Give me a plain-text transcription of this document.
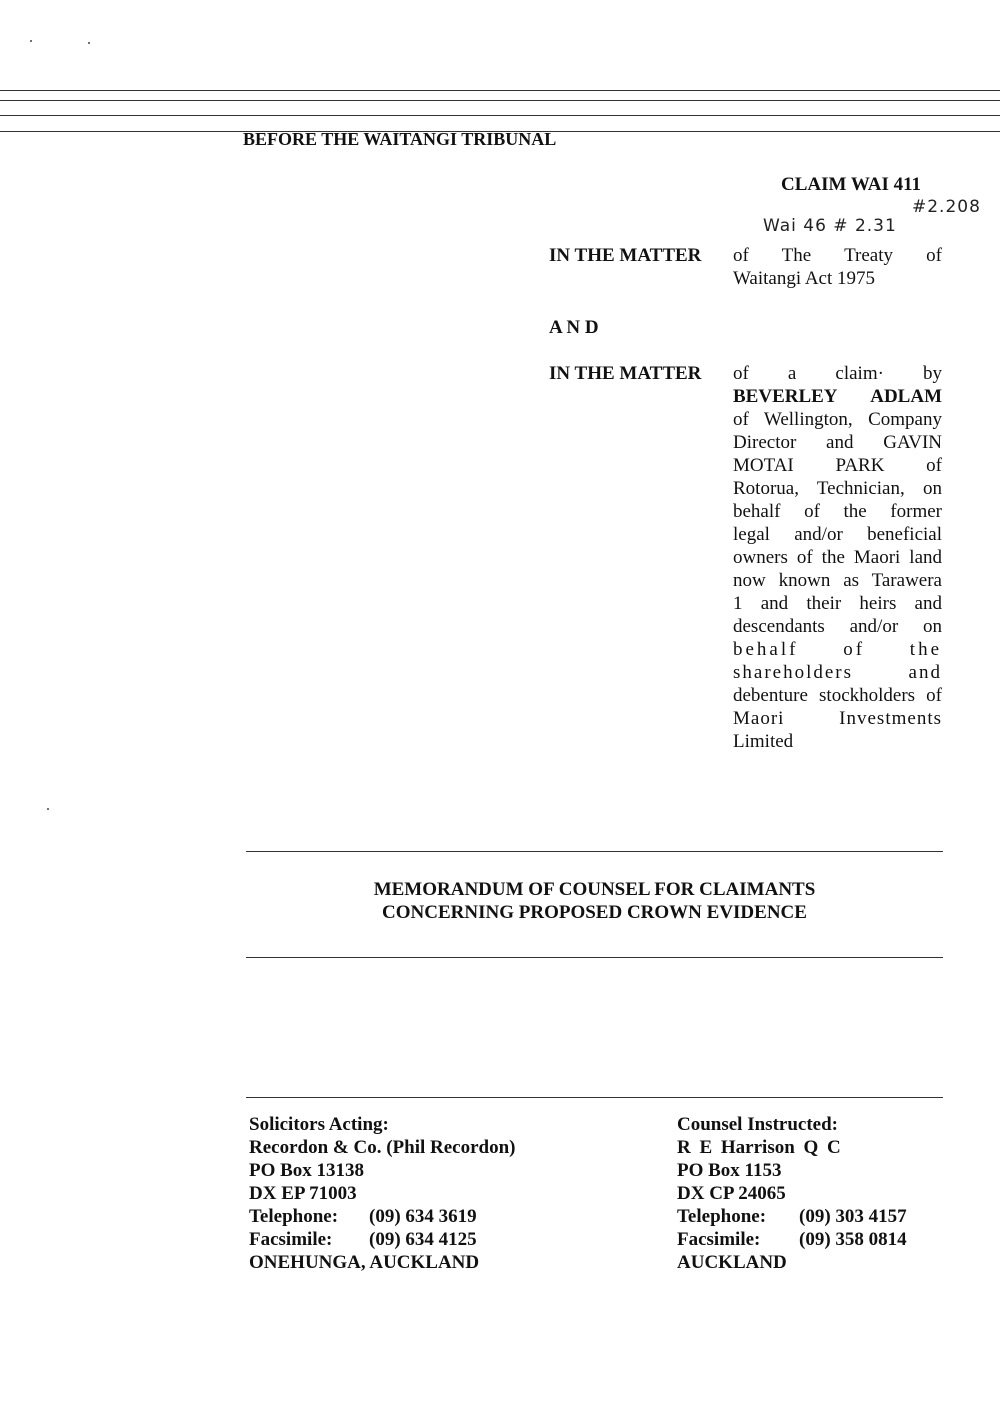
BEFORE THE WAITANGI TRIBUNAL
CLAIM WAI 411
#2.208
Wai 46 # 2.31
IN THE MATTER of The Treaty of
Waitangi Act 1975
A N D
IN THE MATTER of a claim· by
BEVERLEY ADLAM
of Wellington, Company
Director and GAVIN
MOTAI PARK of
Rotorua, Technician, on
behalf of the former
legal and/or beneficial
owners of the Maori land
now known as Tarawera
1 and their heirs and
descendants and/or on
behalf of the
shareholders and
debenture stockholders of
Maori Investments
Limited
MEMORANDUM OF COUNSEL FOR CLAIMANTS
CONCERNING PROPOSED CROWN EVIDENCE
Solicitors Acting:
Recordon & Co. (Phil Recordon)
PO Box 13138
DX EP 71003
Telephone: (09) 634 3619
Facsimile: (09) 634 4125
ONEHUNGA, AUCKLAND
Counsel Instructed:
R E Harrison Q C
PO Box 1153
DX CP 24065
Telephone: (09) 303 4157
Facsimile: (09) 358 0814
AUCKLAND
